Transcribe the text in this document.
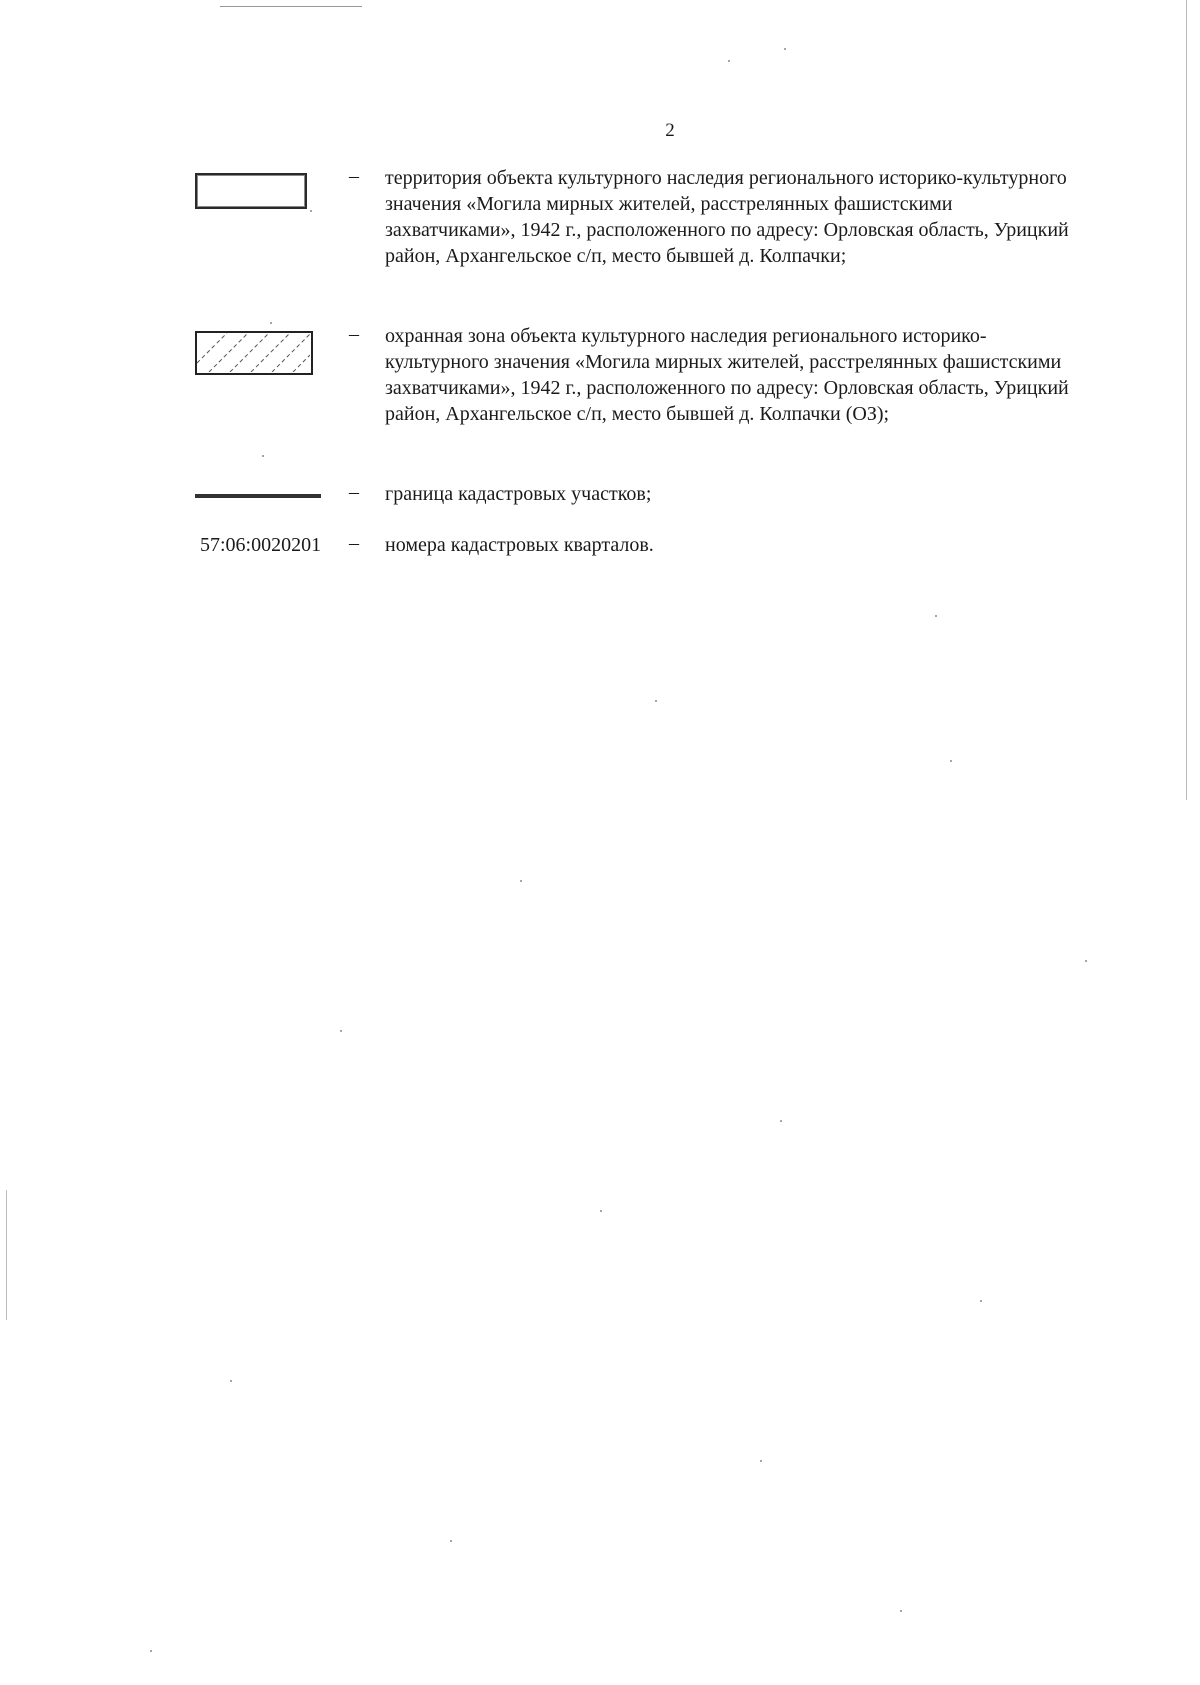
2
– территория объекта культурного наследия регионального историко-культурного значения «Могила мирных жителей, расстрелянных фашистскими захватчиками», 1942 г., расположенного по адресу: Орловская область, Урицкий район, Архангельское с/п, место бывшей д. Колпачки;
– охранная зона объекта культурного наследия регионального историко-культурного значения «Могила мирных жителей, расстрелянных фашистскими захватчиками», 1942 г., расположенного по адресу: Орловская область, Урицкий район, Архангельское с/п, место бывшей д. Колпачки (ОЗ);
– граница кадастровых участков;
57:06:0020201 – номера кадастровых кварталов.
